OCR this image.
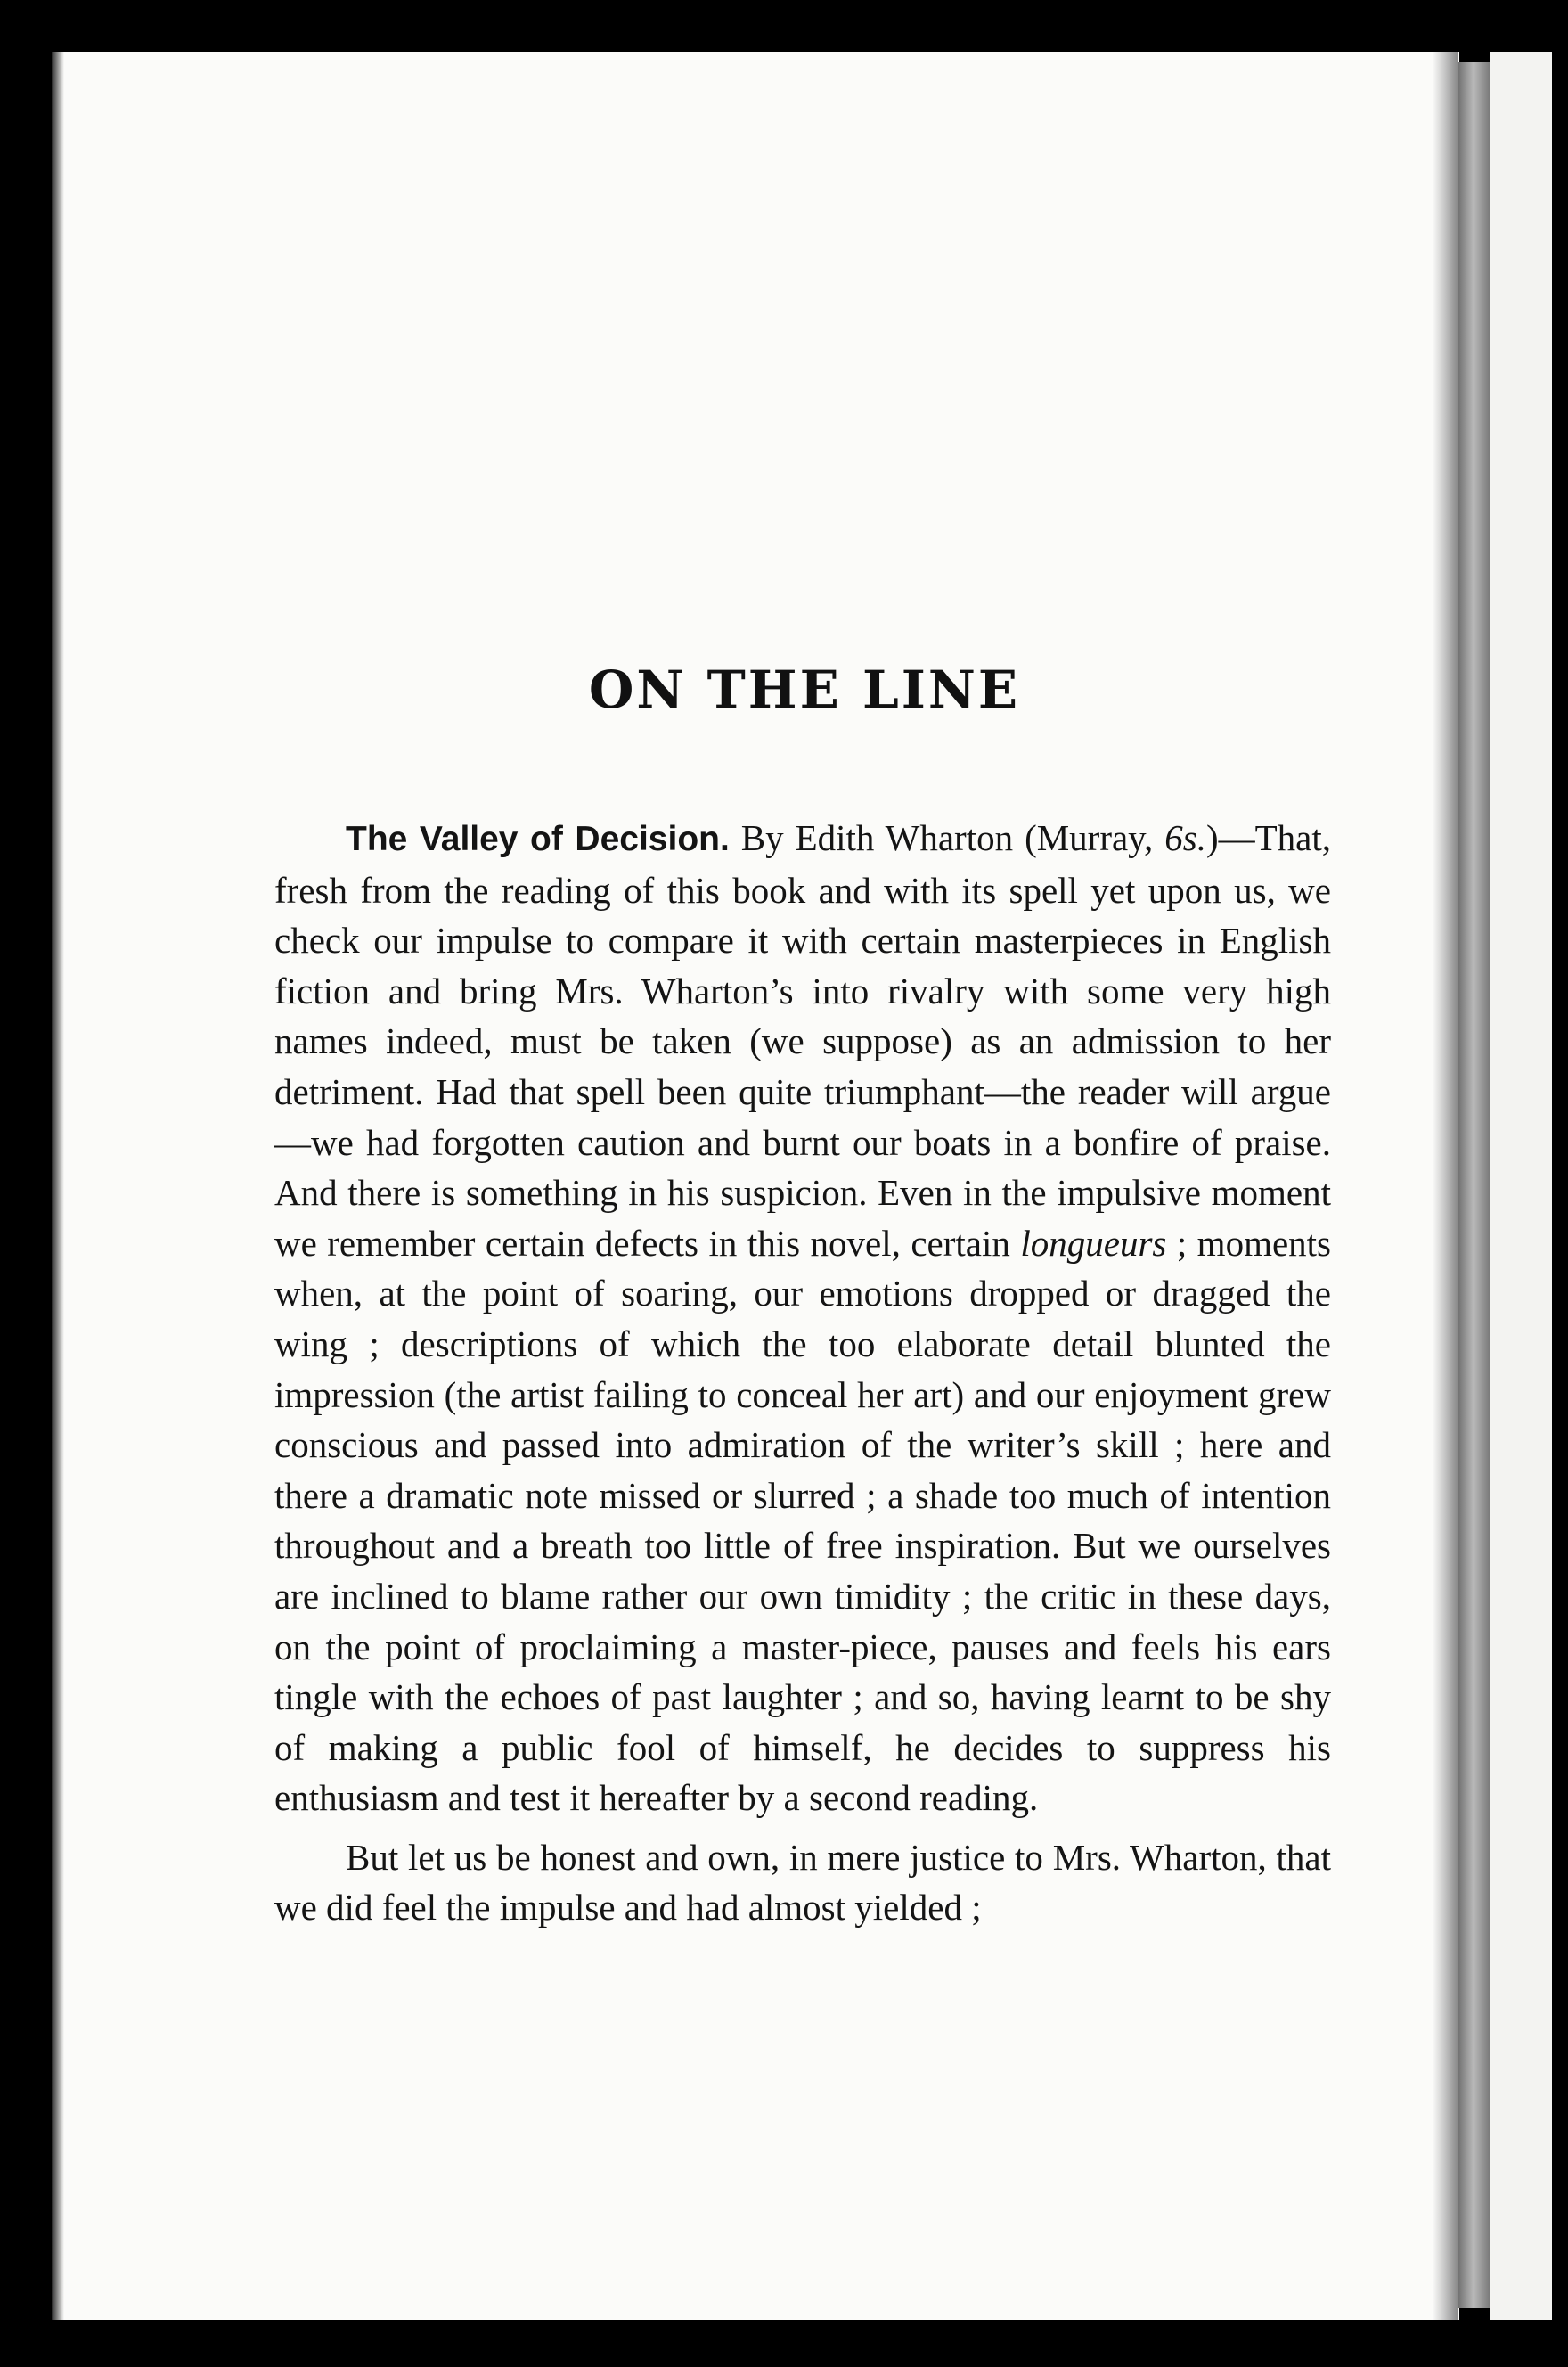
ON THE LINE

The Valley of Decision. By Edith Wharton (Murray, 6s.)—That, fresh from the reading of this book and with its spell yet upon us, we check our impulse to compare it with certain masterpieces in English fiction and bring Mrs. Wharton’s into rivalry with some very high names indeed, must be taken (we suppose) as an admission to her detriment. Had that spell been quite triumphant—the reader will argue—we had forgotten caution and burnt our boats in a bonfire of praise. And there is something in his suspicion. Even in the impulsive moment we remember certain defects in this novel, certain longueurs ; moments when, at the point of soaring, our emotions dropped or dragged the wing ; descriptions of which the too elaborate detail blunted the impression (the artist failing to conceal her art) and our enjoyment grew conscious and passed into admiration of the writer’s skill ; here and there a dramatic note missed or slurred ; a shade too much of intention throughout and a breath too little of free inspiration. But we ourselves are inclined to blame rather our own timidity ; the critic in these days, on the point of proclaiming a master-piece, pauses and feels his ears tingle with the echoes of past laughter ; and so, having learnt to be shy of making a public fool of himself, he decides to suppress his enthusiasm and test it hereafter by a second reading.

But let us be honest and own, in mere justice to Mrs. Wharton, that we did feel the impulse and had almost yielded ;
